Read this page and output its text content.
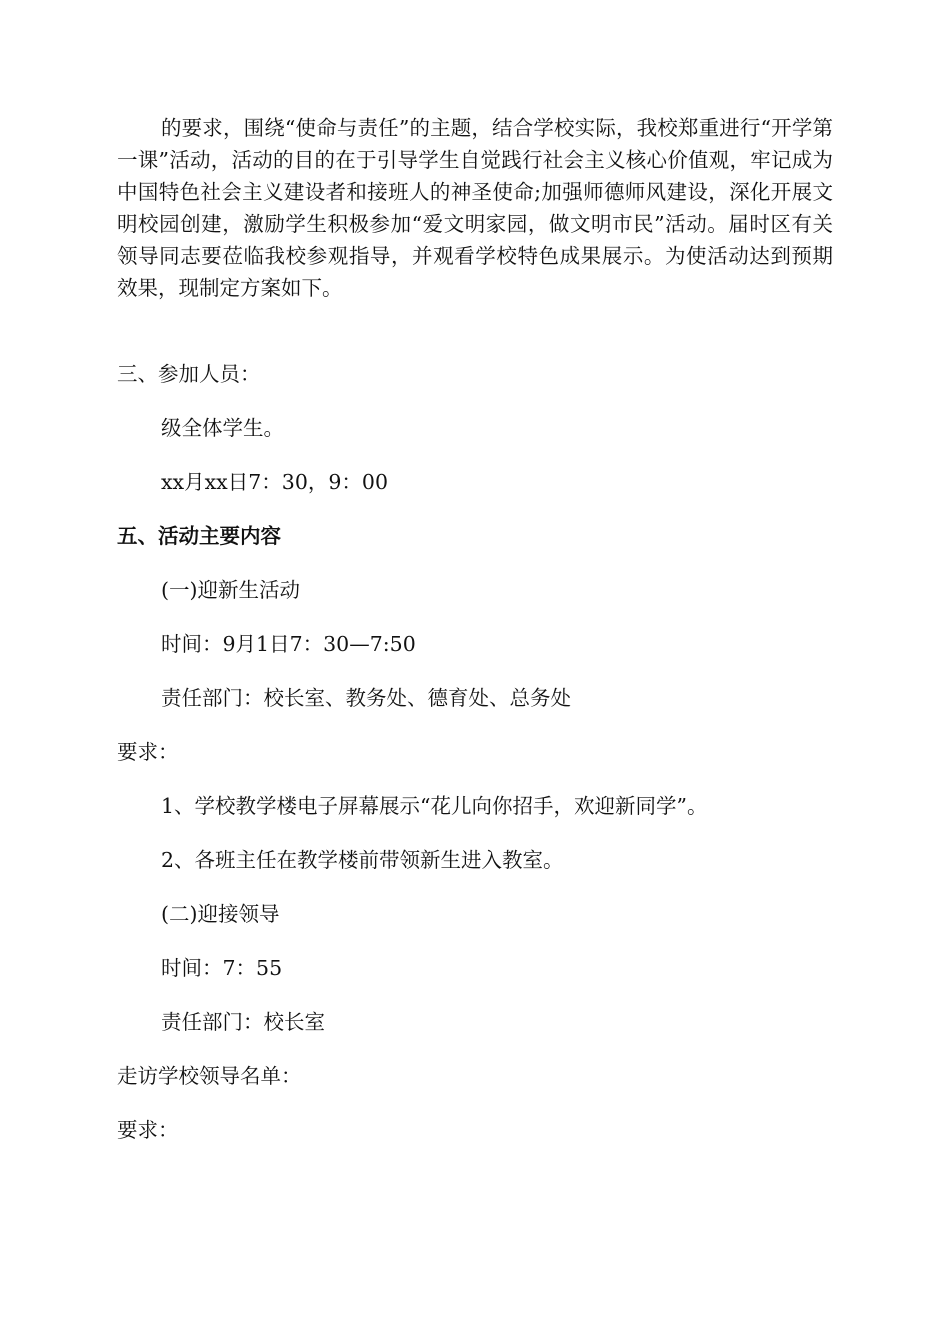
的要求，围绕“使命与责任”的主题，结合学校实际，我校郑重进行“开学第一课”活动，活动的目的在于引导学生自觉践行社会主义核心价值观，牢记成为中国特色社会主义建设者和接班人的神圣使命;加强师德师风建设，深化开展文明校园创建，激励学生积极参加“爱文明家园，做文明市民”活动。届时区有关领导同志要莅临我校参观指导，并观看学校特色成果展示。为使活动达到预期效果，现制定方案如下。

三、参加人员：

级全体学生。

xx月xx日7：30，9：00

五、活动主要内容

(一)迎新生活动

时间：9月1日7：30—7:50

责任部门：校长室、教务处、德育处、总务处

要求：

1、学校教学楼电子屏幕展示“花儿向你招手，欢迎新同学”。

2、各班主任在教学楼前带领新生进入教室。

(二)迎接领导

时间：7：55

责任部门：校长室

走访学校领导名单：

要求：
